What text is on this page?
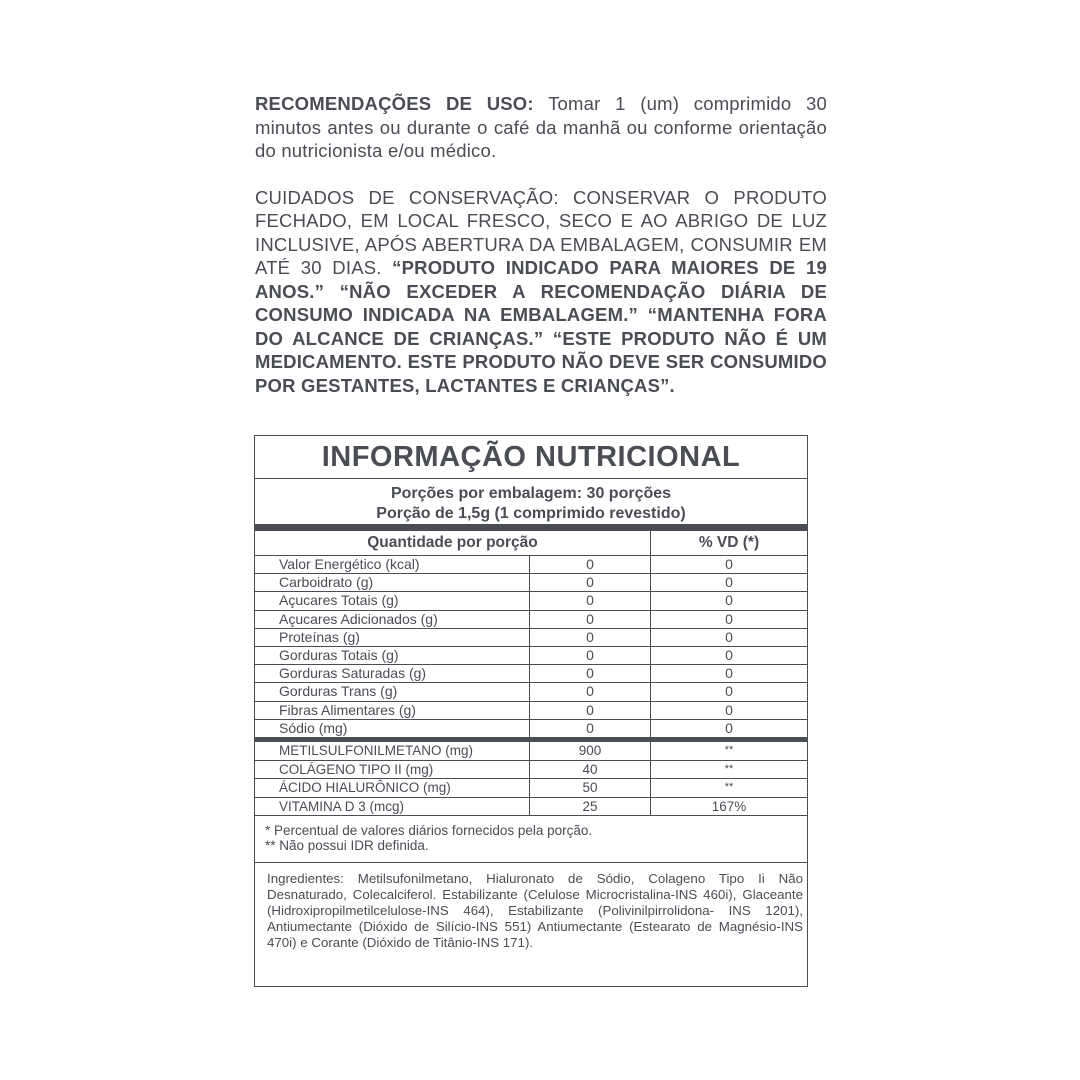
RECOMENDAÇÕES DE USO: Tomar 1 (um) comprimido 30 minutos antes ou durante o café da manhã ou conforme orientação do nutricionista e/ou médico.

CUIDADOS DE CONSERVAÇÃO: CONSERVAR O PRODUTO FECHADO, EM LOCAL FRESCO, SECO E AO ABRIGO DE LUZ INCLUSIVE, APÓS ABERTURA DA EMBALAGEM, CONSUMIR EM ATÉ 30 DIAS. “PRODUTO INDICADO PARA MAIORES DE 19 ANOS.” “NÃO EXCEDER A RECOMENDAÇÃO DIÁRIA DE CONSUMO INDICADA NA EMBALAGEM.” “MANTENHA FORA DO ALCANCE DE CRIANÇAS.” “ESTE PRODUTO NÃO É UM MEDICAMENTO. ESTE PRODUTO NÃO DEVE SER CONSUMIDO POR GESTANTES, LACTANTES E CRIANÇAS”.

INFORMAÇÃO NUTRICIONAL
Porções por embalagem: 30 porções
Porção de 1,5g (1 comprimido revestido)
Quantidade por porção		% VD (*)
Valor Energético (kcal)	0	0
Carboidrato (g)	0	0
Açucares Totais (g)	0	0
Açucares Adicionados (g)	0	0
Proteínas (g)	0	0
Gorduras Totais (g)	0	0
Gorduras Saturadas (g)	0	0
Gorduras Trans (g)	0	0
Fibras Alimentares (g)	0	0
Sódio (mg)	0	0
METILSULFONILMETANO (mg)	900	**
COLÁGENO TIPO II (mg)	40	**
ÁCIDO HIALURÔNICO (mg)	50	**
VITAMINA D 3 (mcg)	25	167%
* Percentual de valores diários fornecidos pela porção.
** Não possui IDR definida.
Ingredientes: Metilsufonilmetano, Hialuronato de Sódio, Colageno Tipo Ii Não Desnaturado, Colecalciferol. Estabilizante (Celulose Microcristalina-INS 460i), Glaceante (Hidroxipropilmetilcelulose-INS 464), Estabilizante (Polivinilpirrolidona- INS 1201), Antiumectante (Dióxido de Silício-INS 551) Antiumectante (Estearato de Magnésio-INS 470i) e Corante (Dióxido de Titânio-INS 171).
